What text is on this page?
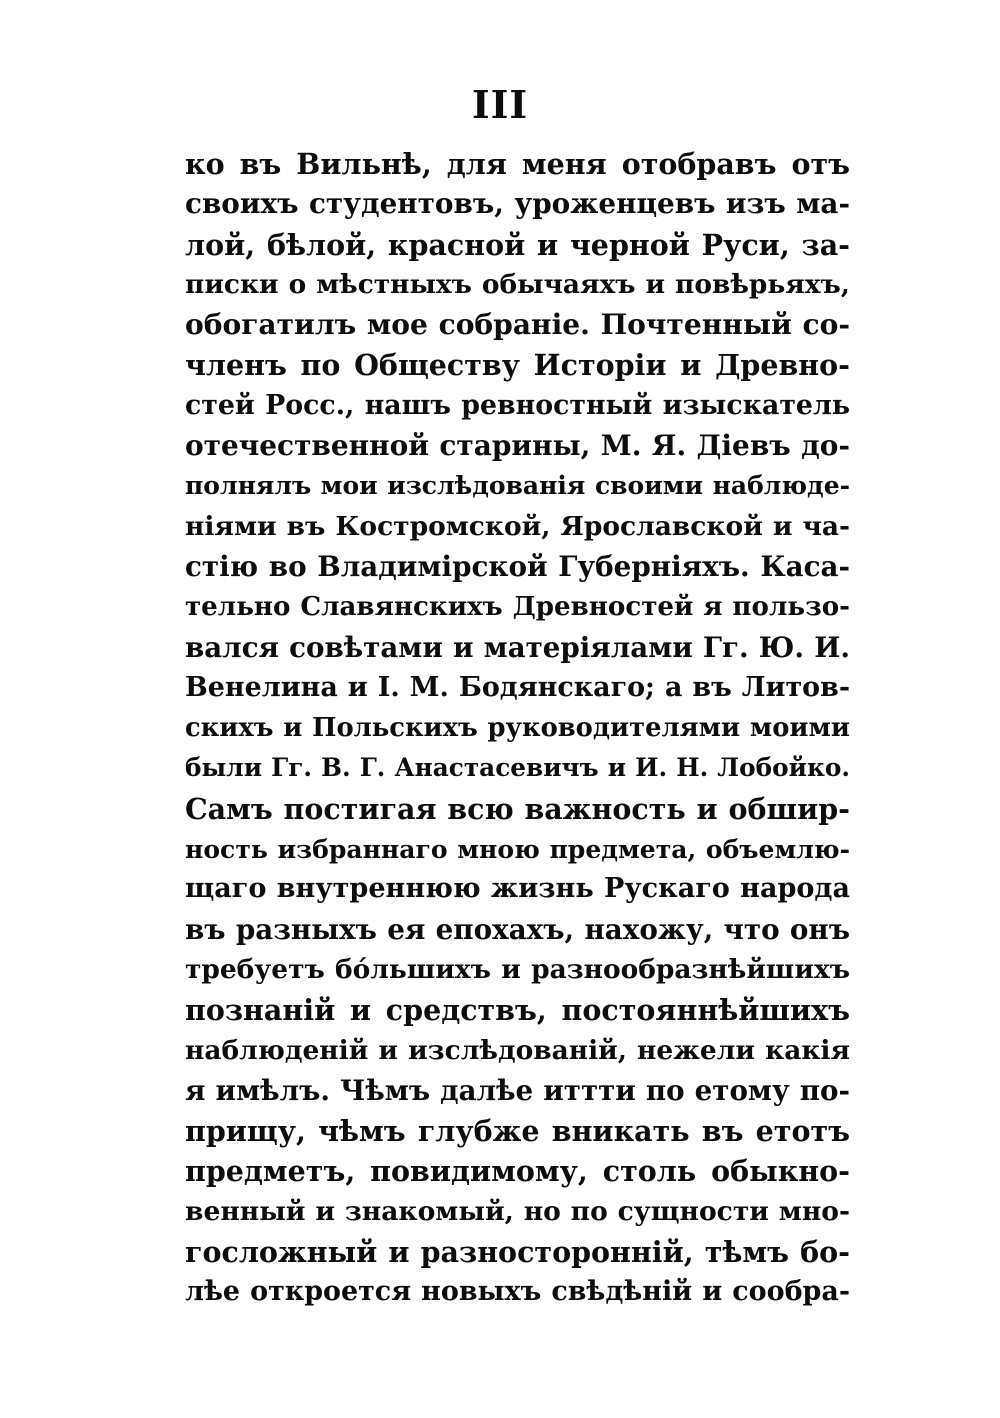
III
ко въ Вильнѣ, для меня отобравъ отъ
своихъ студентовъ, уроженцевъ изъ ма-
лой, бѣлой, красной и черной Руси, за-
писки о мѣстныхъ обычаяхъ и повѣрьяхъ,
обогатилъ мое собраніе. Почтенный со-
членъ по Обществу Исторіи и Древно-
стей Росс., нашъ ревностный изыскатель
отечественной старины, М. Я. Діевъ до-
полнялъ мои изслѣдованія своими наблюде-
ніями въ Костромской, Ярославской и ча-
стію во Владимірской Губерніяхъ. Каса-
тельно Славянскихъ Древностей я пользо-
вался совѣтами и матеріялами Гг. Ю. И.
Венелина и І. М. Бодянскаго; а въ Литов-
скихъ и Польскихъ руководителями моими
были Гг. В. Г. Анастасевичъ и И. Н. Лобойко.
Самъ постигая всю важность и обшир-
ность избраннаго мною предмета, объемлю-
щаго внутреннюю жизнь Рускаго народа
въ разныхъ ея епохахъ, нахожу, что онъ
требуетъ бо́льшихъ и разнообразнѣйшихъ
познаній и средствъ, постояннѣйшихъ
наблюденій и изслѣдованій, нежели какія
я имѣлъ. Чѣмъ далѣе иттти по етому по-
прищу, чѣмъ глубже вникать въ етотъ
предметъ, повидимому, столь обыкно-
венный и знакомый, но по сущности мно-
госложный и разносторонній, тѣмъ бо-
лѣе откроется новыхъ свѣдѣній и сообра-
